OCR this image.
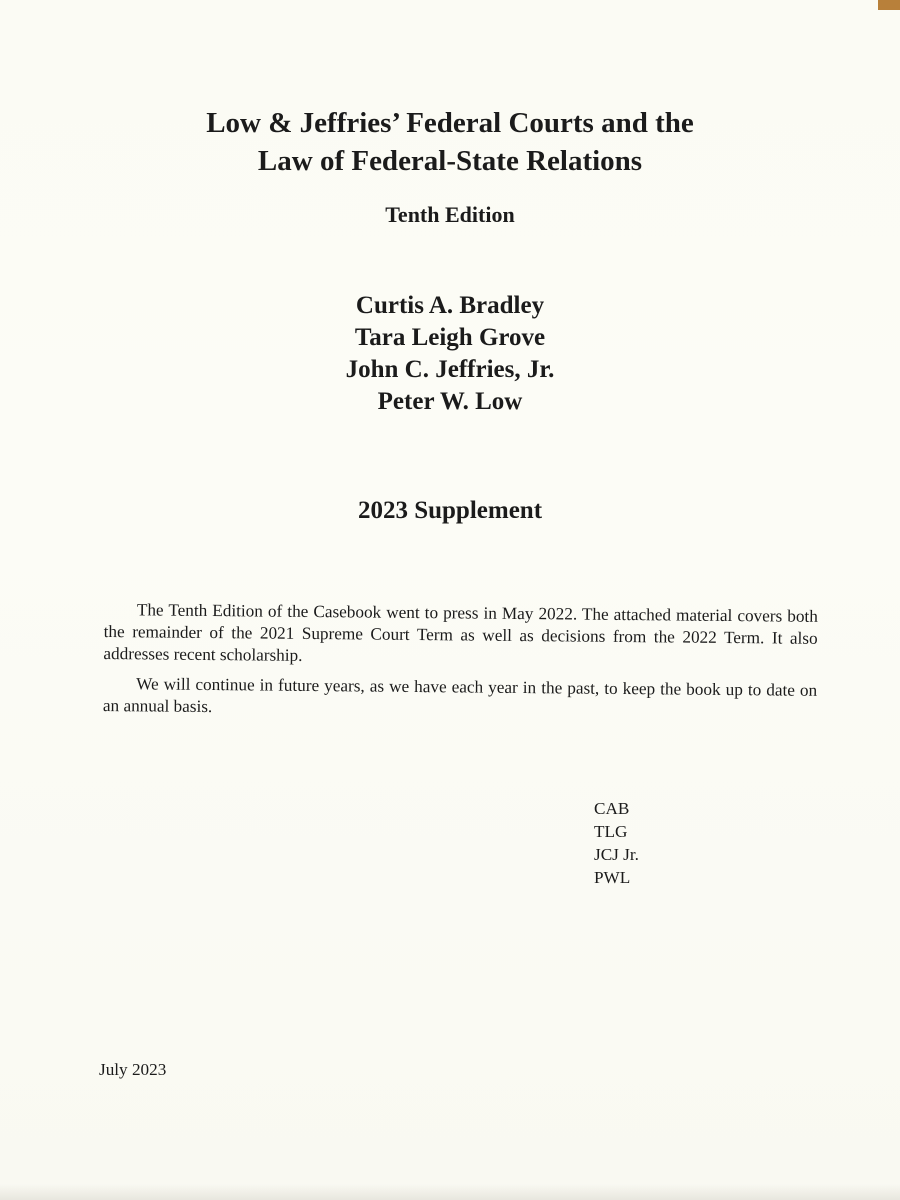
Low & Jeffries’ Federal Courts and the
Law of Federal-State Relations
Tenth Edition
Curtis A. Bradley
Tara Leigh Grove
John C. Jeffries, Jr.
Peter W. Low
2023 Supplement

The Tenth Edition of the Casebook went to press in May 2022. The attached material covers both the remainder of the 2021 Supreme Court Term as well as decisions from the 2022 Term. It also addresses recent scholarship.

We will continue in future years, as we have each year in the past, to keep the book up to date on an annual basis.

CAB
TLG
JCJ Jr.
PWL

July 2023
